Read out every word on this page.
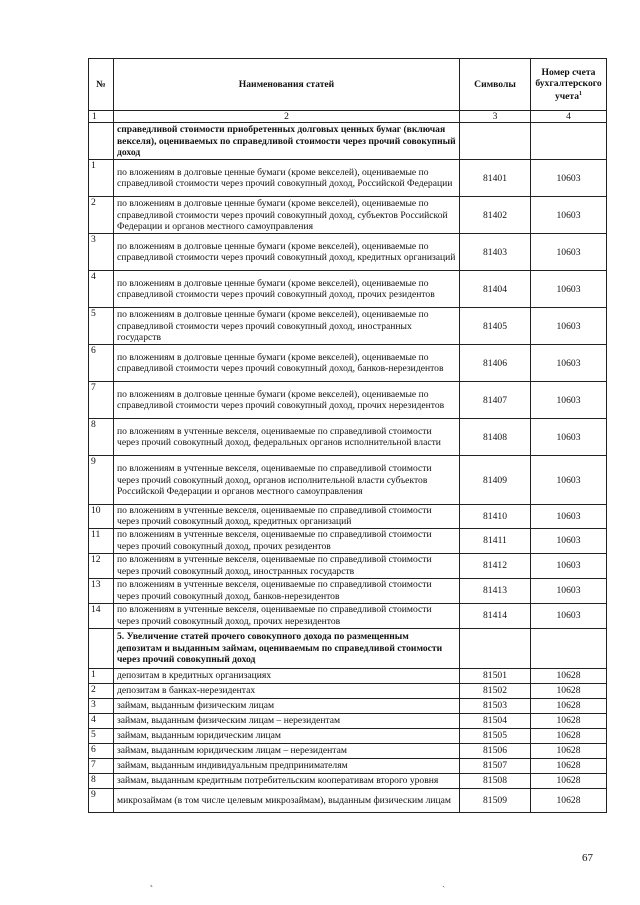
№	Наименования статей	Символы	Номер счета бухгалтерского учета$^1$
1	2	3	4
	справедливой стоимости приобретенных долговых ценных бумаг (включая векселя), оцениваемых по справедливой стоимости через прочий совокупный доход		
1	по вложениям в долговые ценные бумаги (кроме векселей), оцениваемые по справедливой стоимости через прочий совокупный доход, Российской Федерации	81401	10603
2	по вложениям в долговые ценные бумаги (кроме векселей), оцениваемые по справедливой стоимости через прочий совокупный доход, субъектов Российской Федерации и органов местного самоуправления	81402	10603
3	по вложениям в долговые ценные бумаги (кроме векселей), оцениваемые по справедливой стоимости через прочий совокупный доход, кредитных организаций	81403	10603
4	по вложениям в долговые ценные бумаги (кроме векселей), оцениваемые по справедливой стоимости через прочий совокупный доход, прочих резидентов	81404	10603
5	по вложениям в долговые ценные бумаги (кроме векселей), оцениваемые по справедливой стоимости через прочий совокупный доход, иностранных государств	81405	10603
6	по вложениям в долговые ценные бумаги (кроме векселей), оцениваемые по справедливой стоимости через прочий совокупный доход, банков-нерезидентов	81406	10603
7	по вложениям в долговые ценные бумаги (кроме векселей), оцениваемые по справедливой стоимости через прочий совокупный доход, прочих нерезидентов	81407	10603
8	по вложениям в учтенные векселя, оцениваемые по справедливой стоимости через прочий совокупный доход, федеральных органов исполнительной власти	81408	10603
9	по вложениям в учтенные векселя, оцениваемые по справедливой стоимости через прочий совокупный доход, органов исполнительной власти субъектов Российской Федерации и органов местного самоуправления	81409	10603
10	по вложениям в учтенные векселя, оцениваемые по справедливой стоимости через прочий совокупный доход, кредитных организаций	81410	10603
11	по вложениям в учтенные векселя, оцениваемые по справедливой стоимости через прочий совокупный доход, прочих резидентов	81411	10603
12	по вложениям в учтенные векселя, оцениваемые по справедливой стоимости через прочий совокупный доход, иностранных государств	81412	10603
13	по вложениям в учтенные векселя, оцениваемые по справедливой стоимости через прочий совокупный доход, банков-нерезидентов	81413	10603
14	по вложениям в учтенные векселя, оцениваемые по справедливой стоимости через прочий совокупный доход, прочих нерезидентов	81414	10603
	5. Увеличение статей прочего совокупного дохода по размещенным депозитам и выданным займам, оцениваемым по справедливой стоимости через прочий совокупный доход		
1	депозитам в кредитных организациях	81501	10628
2	депозитам в банках-нерезидентах	81502	10628
3	займам, выданным физическим лицам	81503	10628
4	займам, выданным физическим лицам – нерезидентам	81504	10628
5	займам, выданным юридическим лицам	81505	10628
6	займам, выданным юридическим лицам – нерезидентам	81506	10628
7	займам, выданным индивидуальным предпринимателям	81507	10628
8	займам, выданным кредитным потребительским кооперативам второго уровня	81508	10628
9	микрозаймам (в том числе целевым микрозаймам), выданным физическим лицам	81509	10628
67
˛	ˎ
